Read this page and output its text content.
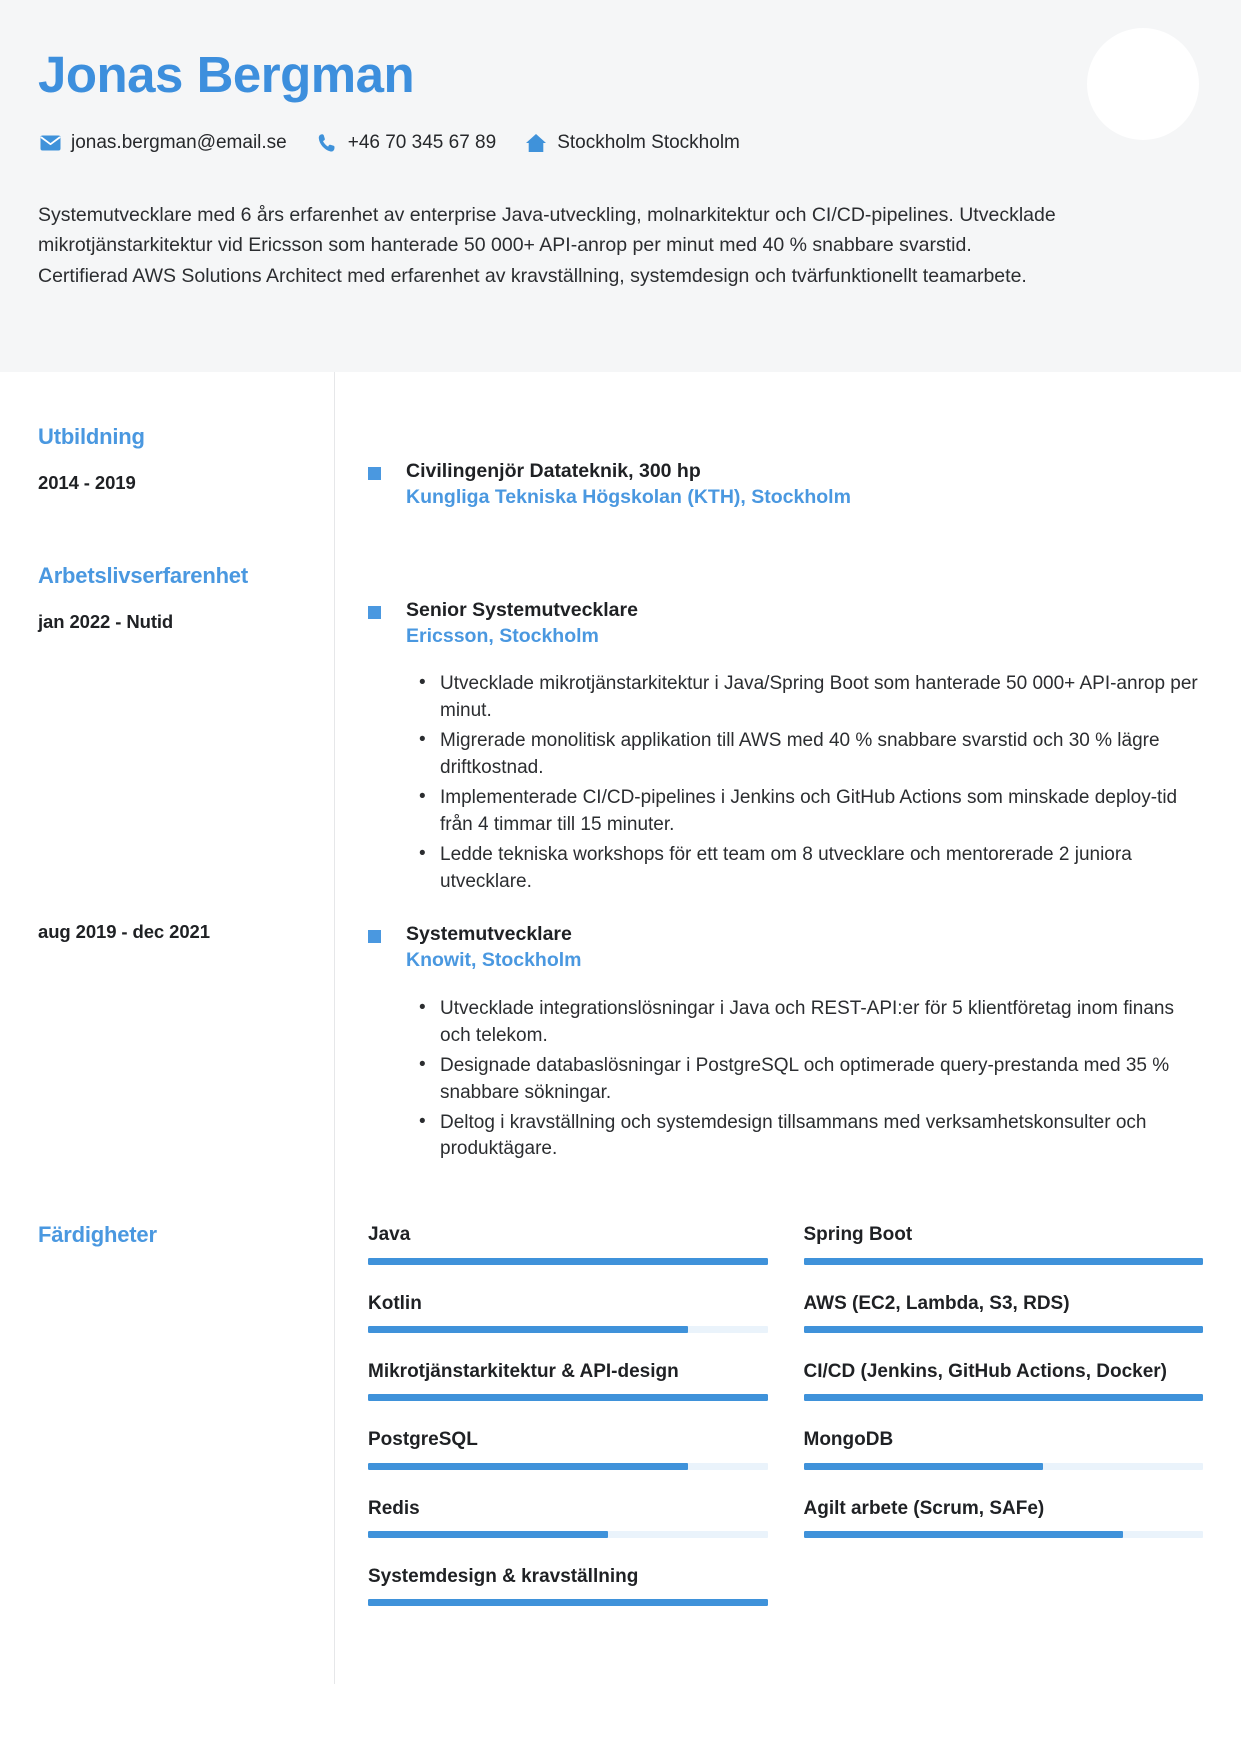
Jonas Bergman
jonas.bergman@email.se	+46 70 345 67 89	Stockholm Stockholm
Systemutvecklare med 6 års erfarenhet av enterprise Java-utveckling, molnarkitektur och CI/CD-pipelines. Utvecklade mikrotjänstarkitektur vid Ericsson som hanterade 50 000+ API-anrop per minut med 40 % snabbare svarstid. Certifierad AWS Solutions Architect med erfarenhet av kravställning, systemdesign och tvärfunktionellt teamarbete.
Utbildning
2014 - 2019
Civilingenjör Datateknik, 300 hp
Kungliga Tekniska Högskolan (KTH), Stockholm
Arbetslivserfarenhet
jan 2022 - Nutid
Senior Systemutvecklare
Ericsson, Stockholm
• Utvecklade mikrotjänstarkitektur i Java/Spring Boot som hanterade 50 000+ API-anrop per minut.
• Migrerade monolitisk applikation till AWS med 40 % snabbare svarstid och 30 % lägre driftkostnad.
• Implementerade CI/CD-pipelines i Jenkins och GitHub Actions som minskade deploy-tid från 4 timmar till 15 minuter.
• Ledde tekniska workshops för ett team om 8 utvecklare och mentorerade 2 juniora utvecklare.
aug 2019 - dec 2021	Systemutvecklare
Knowit, Stockholm
• Utvecklade integrationslösningar i Java och REST-API:er för 5 klientföretag inom finans och telekom.
• Designade databaslösningar i PostgreSQL och optimerade query-prestanda med 35 % snabbare sökningar.
• Deltog i kravställning och systemdesign tillsammans med verksamhetskonsulter och produktägare.
Färdigheter	Java	Spring Boot
Kotlin	AWS (EC2, Lambda, S3, RDS)
Mikrotjänstarkitektur & API-design	CI/CD (Jenkins, GitHub Actions, Docker)
PostgreSQL	MongoDB
Redis	Agilt arbete (Scrum, SAFe)
Systemdesign & kravställning
